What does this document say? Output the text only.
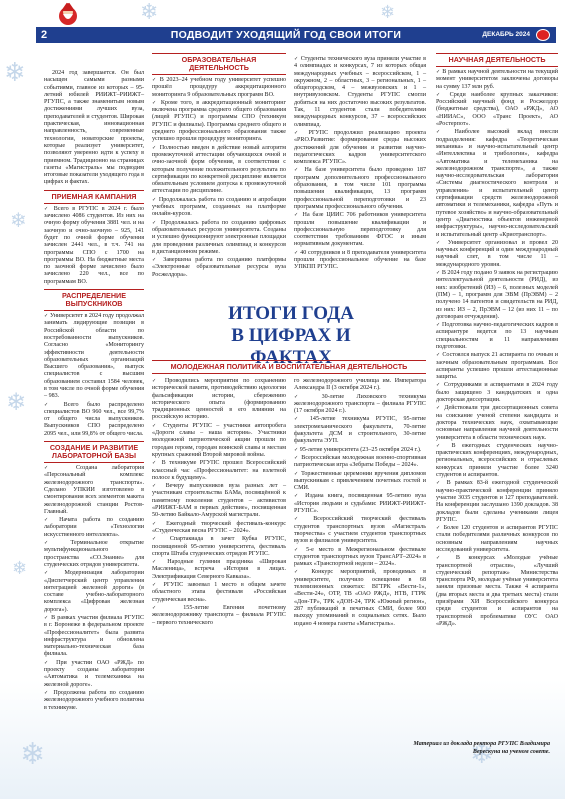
❄
❄
❄
❄
❄	❄
❄
❄
ПОДВОДИТ УХОДЯЩИЙ ГОД СВОИ ИТОГИ	ДЕКАБРЬ 2024
2

2024 год завершается. Он был насыщен самыми разными событиями, главное из которых – 95-летний юбилей РИИЖТ–РИИЖТ–РГУПС, а также знаменитым новым достижениями лучших вуза, преподавателей и студентов. Широкая практическая, инновационная направленность, современные технологии, новаторские проекты, которые реализует университет, позволяют уверенно идти к успеху в приемном. Традиционно на страницах газеты «Магистраль» мы подводим итоговые показатели уходящего года в цифрах и фактах.

ПРИЕМНАЯ КАМПАНИЯ

✓ Всего в РГУПС в 2024 г. было зачислено 4086 студентов. Из них на очную форму обучения 3881 чел. и на заочную и очно-заочную – 925, 141 будет по очной форме обучения зачислен 2441 чел., в т.ч. 741 на программы СПО с 1700 на программы ВО. На бюджетные места по заочной форме зачислено было зачислено 220 чел., все по программам ВО.

РАСПРЕДЕЛЕНИЕ ВЫПУСКНИКОВ

✓ Университет в 2024 году продолжал занимать лидирующие позиции в Российской области по востребованности выпускников. Согласно «Мониторингу эффективности деятельности образовательных организаций Высшего образования», выпуск специалистов с высшим образованием составил 1584 человек, в том числе по очной форме обучения – 983.

✓ Всего было распределено специалистов ВО 960 чел., все 99,7% от общего числа выпускников. Выпускников СПО распределено 2095 чел., или 99,8% от общего числа.

СОЗДАНИЕ И РАЗВИТИЕ ЛАБОРАТОРНОЙ БАЗЫ

✓ Создана лаборатория «Персональный комплекс железнодорожного транспорта». Сделано УПКИИ изготовлено в смонтирования всех элементов макета железнодорожной станции Ростов-Главный.

✓ Начата работа по созданию лаборатории «Технологии искусственного интеллекта».

✓ Терминальное открытие мультифункционального пространства «СО.Знание» для студенческих отрядов университета.

✓ Модернизация лаборатории «Диспетчерский центр управления интеграцией железной дороги» (в составе учебно-лабораторного комплекса «Цифровая железная дорога»).

✓ В рамках участия филиала РГУПС в г. Воронеже в федеральном проекте «Профессионалитет» была развита инфраструктура и обновлена материально-техническая база филиала.

✓ При участии ОАО «РЖД» по проекту созданы лаборатории «Автоматика и телемеханика на железной дороге».

✓ Продолжена работа по созданию железнодорожного учебного полигона в техникуме.

ОБРАЗОВАТЕЛЬНАЯ ДЕЯТЕЛЬНОСТЬ

✓ В 2023–24 учебном году университет успешно прошёл процедуру аккредитационного мониторинга 9 образовательных программ ВО.

✓ Кроме того, в аккредитационный мониторинг включена программа среднего общего образования (лицей РГУПС) и программы СПО (техникум РГУПС и филиалы). Программа среднего общего и среднего профессионального образования также успешно прошли процедуру мониторинга.

✓ Полностью введен в действие новый алгоритм промежуточной аттестации обучающихся очной и очно-заочной форм обучения, в соответствии с которым получение положительного результата по сертификации по конкретной дисциплине является обязательным условием допуска к промежуточной аттестации по дисциплине.

✓ Продолжалась работа по созданию и апробации учебных программ, созданных на платформе онлайн-курсов.

✓ Продолжалась работа по созданию цифровых образовательных ресурсов университета. Созданы и успешно функционируют электронные площадки для проведения различных олимпиад и конкурсов в дистанционном режиме.

✓ Завершена работа по созданию платформы «Электронные образовательные ресурсы вуза Росжелдора».

✓ Студенты технического вуза приняли участие в 4 олимпиадах и конкурсах, 7 из которых общая международных учебных – всероссийском, 1 – окружном, 2 – областных, 3 – региональных, 1 – общегородском, 4 – межвузовских и 1 – внутривузовском. Студенты РГУПС смогли добиться на них достаточно высоких результатов. Так, 11 студентов стали победителями международных конкурсов, 37 – всероссийских олимпиад.

✓ РГУПС продолжил реализацию проекта «PRO.Развитие: формирование среды высоких достижений для обучения и развития научно-педагогических кадров университетского комплекса РГУПС».

✓ На базе университета было проведено 187 программ дополнительного профессионального образования, в том числе 101 программа повышения квалификации, 13 программ профессиональной переподготовки и 23 программы профессионального обучения.

✓ На базе ЦИИС 706 работников университета прошли повышение квалификации и профессиональную переподготовку для соответствия требованиям ФГОС и иным нормативным документам.

✓ 40 сотрудников и 8 преподавателя университета прошли профессиональное обучение на базе УПКПП РГУПС.

ИТОГИ ГОДА
В ЦИФРАХ И ФАКТАХ
МОЛОДЕЖНАЯ ПОЛИТИКА И ВОСПИТАТЕЛЬНАЯ ДЕЯТЕЛЬНОСТЬ

✓ Проводились мероприятия по сохранению исторической памяти, противодействию идеологии фальсификации истории, сбережению исторического опыта (формированию традиционных ценностей в его влиянии на российскую историю.

✓ Студенты РГУПС – участники автопробега «Дороги славы – наша история». Участники молодежной патриотической акции прошли по городам героям, городам воинской славы и местам крупных сражений Второй мировой войны.

✓ В техникуме РГУПС прошел Всероссийский классный час «Профессионалитет: на взлетной полосе к будущему».

✓ Вечеру выпускников вуза разных лет – участникам строительства БАМа, посвящённой к памятному поколения студентов – активистов «РИИЖТ-БАМ в первых действие», посвященная 50-летию Байкало-Амурской магистрали.

✓ Ежегодный творческий фестиваль-конкурс «Студенческая весна РГУПС – 2024».

✓ Спартакиада в зачет Кубка РГУПС, посвященной 95-летию университета, фестиваль спорта Штаба студенческих отрядов РГУПС.

✓ Народные гуляния праздника «Широкая Масленица», встреча «История в лицах. Электрификация Северного Кавказа».

✓ РГУПС завоевал 1 место в общем зачете областного этапа фестиваля «Российская студенческая весна».

✓ 155-летие Евгения почетному железнодорожнику транспорта – филиала РГУПС – первого технического

го железнодорожного училища им. Императора Александра II (3 октября 2024 г.).

✓ 30-летие Лиховского техникума железнодорожного транспорта – филиала РГУПС (17 октября 2024 г.).

✓ 145-летие техникума РГУПС, 95-летие электромеханического факультета, 70-летие факультета ДСМ и строительного, 30-летие факультета ЭУП.

✓ 95-летие университета (23–25 октября 2024 г.).

✓ Всероссийская молодежная военно-спортивная патриотическая игра «Зебраты Победы – 2024».

✓ Торжественные церемонии вручения дипломов выпускникам с привлечением почетных гостей и СМИ.

✓ Издана книга, посвященная 95-летию вуза «История людьми и судьбами: РИИЖТ-РИИЖТ-РГУПС».

✓ Всероссийский творческий фестиваль студентов транспортных вузов «Магистраль творчества» с участием студентов транспортных вузов и филиалов университета.

✓ 5-е место в Межрегиональном фестивале студентов транспортных вузов ТрансАРТ–2024» в рамках «Транспортной недели – 2024».

✓ Конкурс мероприятий, проводимых в университете, получило освещение в 68 телевизионных сюжетах: ВГТРК «Вести-1», «Вести-24», ОТР, ТВ «ОАО РЖД», НТВ, ГТРК «Дон-ТР», ТРК «ДОН-24, ТРК «Южный регион», 287 публикаций в печатных СМИ, более 900 выходу упоминаний в социальных сетях. Было издано 4 номера газеты «Магистраль».

НАУЧНАЯ ДЕЯТЕЛЬНОСТЬ

✓ В рамках научной деятельности на текущий момент университетом заключены договоры на сумму 137 млн руб.

✓ Среди наиболее крупных заказчиков: Российский научный фонд и Росжелдор (бюджетные средства), ОАО «РЖД», АО «НИИАС», ООО «Транс Проект», АО «Ростерпот».

✓ Наиболее высокий вклад внесли подразделения: кафедра «Теоретическая механика» и научно-испытательный центр «Интеллектика и трибологии», кафедра «Автоматика и телемеханика на железнодорожном транспорте», а также научно-исследовательская лаборатория «Системы диагностического контроля и управления» и испытательный центр сертификации средств железнодорожной автоматики и телемеханики, кафедра «Путь и путевое хозяйство» и научно-образовательный центр «Диагностика объектов инженерной инфраструктуры», научно-исследовательский и испытательный центр «Криотранспорт».

✓ Университет организовал и провел 20 научных конференций и один международный научный слет, в том числе 11 – международного уровня.

✓ В 2024 году подано 9 заявок на регистрацию интеллектуальной деятельности (РИД), из них: изобретений (ИЗ) – 6, полезных моделей (ПМ) – 1, программ для ЭВМ (ПрЭВМ) – 2 получено 14 патентов и свидетельств на РИД, из них: ИЗ – 2, ПрЭВМ – 12 (из них 11 – по договорам отчуждения).

✓ Подготовка научно-педагогических кадров в аспирантуре ведется по 13 научным специальностям и 11 направлениям подготовки.

✓ Состоялся выпуск 21 аспиранта по очным и заочным образовательным программам. Все аспиранты успешно прошли аттестационные защиты.

✓ Сотрудниками и аспирантами в 2024 году было защищено 3 кандидатских и одна докторская диссертации.

✓ Действовали три диссертационных совета на соискание ученой степени кандидата и доктора технических наук, охватывающие основные направления научной деятельности университета в области технических наук.

✓ В ежегодных студенческих научно-практических конференциях, международных, региональных, всероссийских и отраслевых конкурсах приняли участие более 3240 студентов и аспирантов.

✓ В рамках 83-й ежегодной студенческой научно-практической конференции приняло участие 3035 студентов и 127 преподавателей. На конференции заслушано 1390 докладов. 38 докладов были сделаны учениками лицея РГУПС.

✓ Более 120 студентов и аспирантов РГУПС стали победителями различных конкурсов по основным направлениям научных исследований университета.

✓ В конкурсах «Молодые учёные транспортной отрасли», «Лучший студенческий репортаж» Министерства транспорта РФ, молодые учёные университета заняли призовые места. Также 4 аспиранта (два вторых места и два третьих места) стали призёрами ХИ Всероссийского конкурса среди студентов и аспирантов на транспортной проблематике ОУС ОАО «РЖД».

Материал из доклада ректора РГУПС Владимира Верескуна на ученом совете.
